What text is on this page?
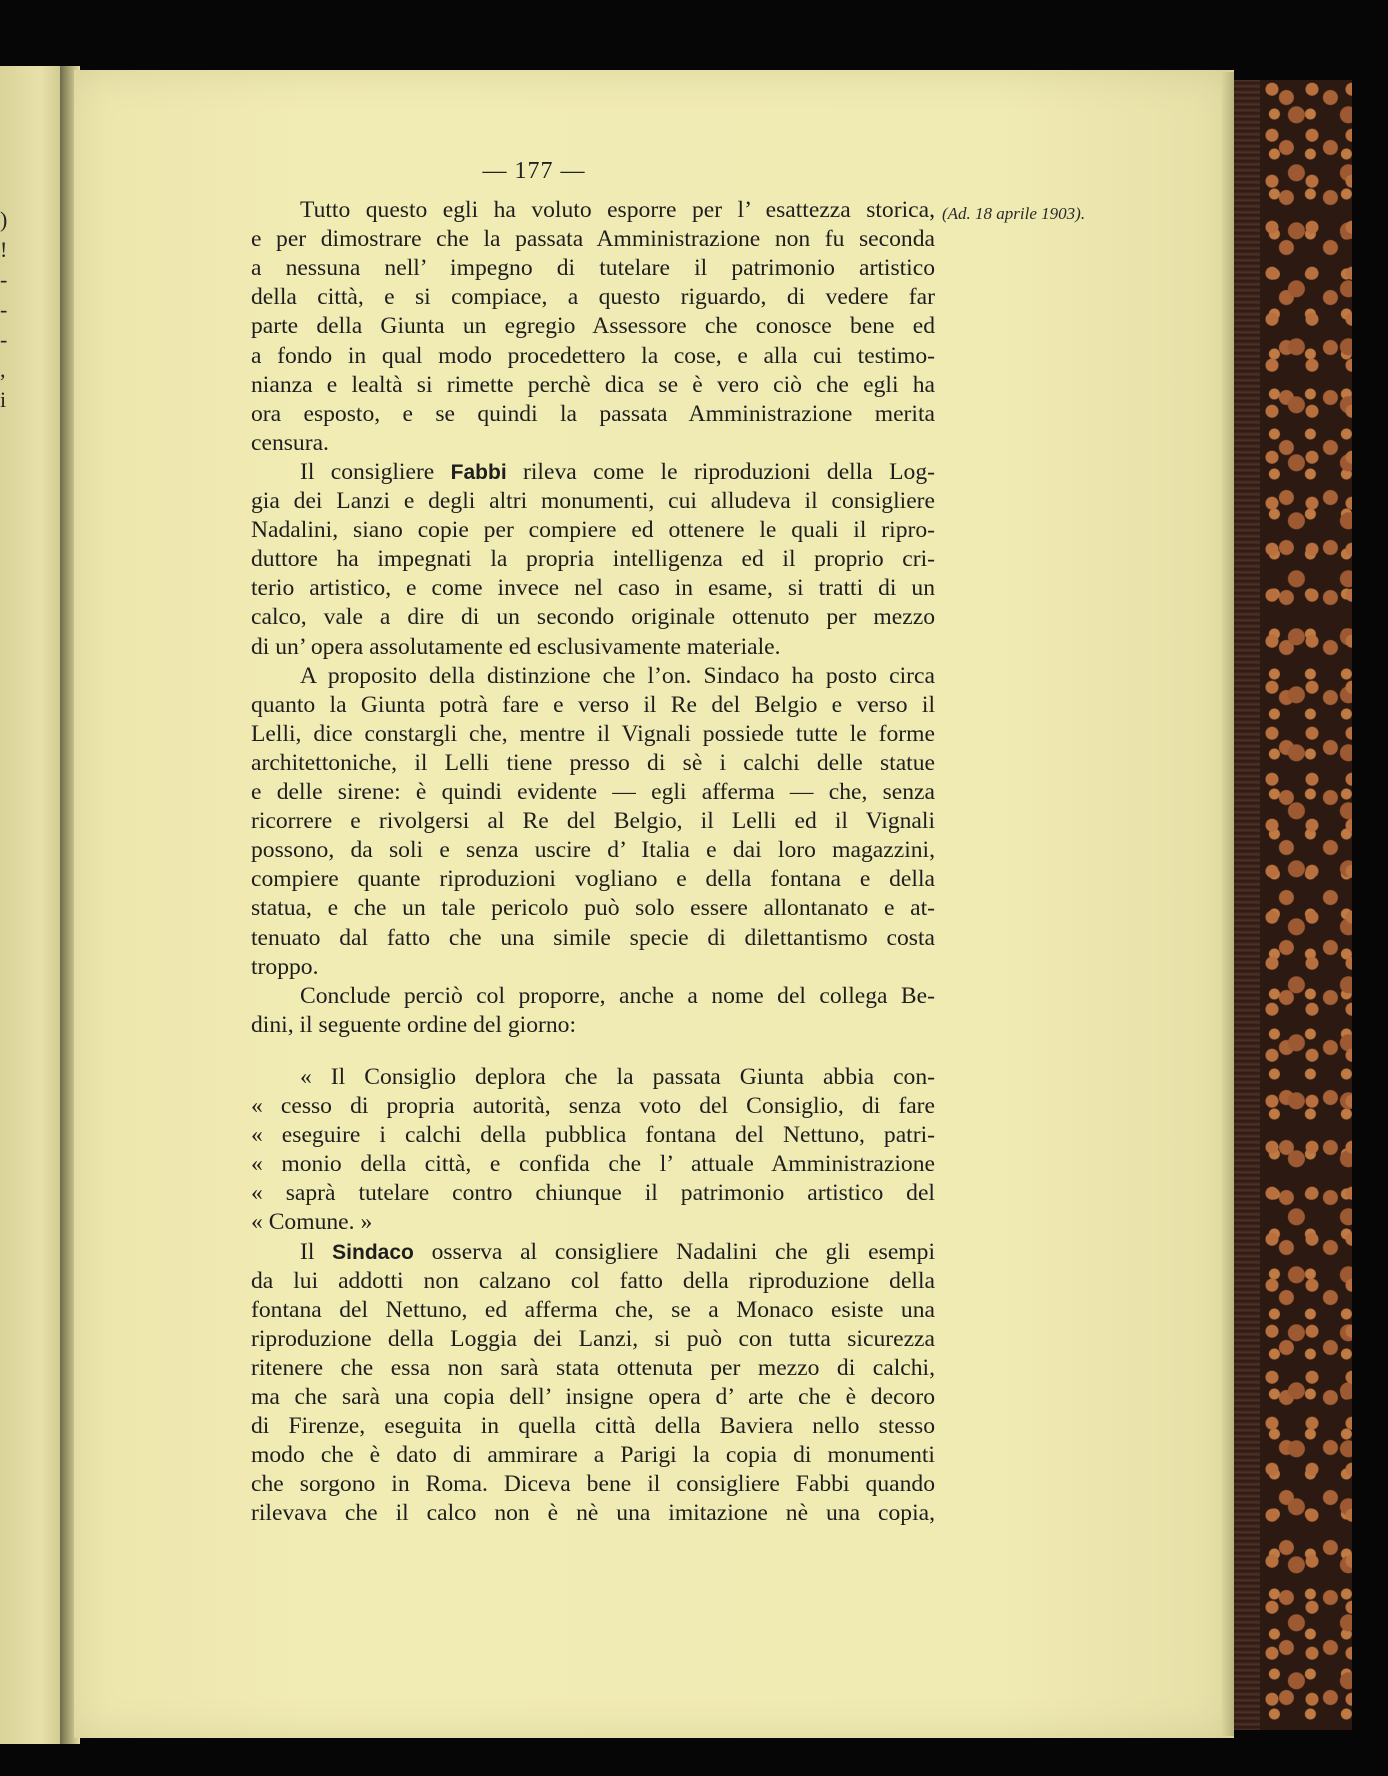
)
!
-
-
-
,
i
— 177 —
(Ad. 18 aprile 1903).
Tutto questo egli ha voluto esporre per l’ esattezza storica,
e per dimostrare che la passata Amministrazione non fu seconda
a nessuna nell’ impegno di tutelare il patrimonio artistico
della città, e si compiace, a questo riguardo, di vedere far
parte della Giunta un egregio Assessore che conosce bene ed
a fondo in qual modo procedettero la cose, e alla cui testimo-
nianza e lealtà si rimette perchè dica se è vero ciò che egli ha
ora esposto, e se quindi la passata Amministrazione merita
censura.
Il consigliere Fabbi rileva come le riproduzioni della Log-
gia dei Lanzi e degli altri monumenti, cui alludeva il consigliere
Nadalini, siano copie per compiere ed ottenere le quali il ripro-
duttore ha impegnati la propria intelligenza ed il proprio cri-
terio artistico, e come invece nel caso in esame, si tratti di un
calco, vale a dire di un secondo originale ottenuto per mezzo
di un’ opera assolutamente ed esclusivamente materiale.
A proposito della distinzione che l’on. Sindaco ha posto circa
quanto la Giunta potrà fare e verso il Re del Belgio e verso il
Lelli, dice constargli che, mentre il Vignali possiede tutte le forme
architettoniche, il Lelli tiene presso di sè i calchi delle statue
e delle sirene: è quindi evidente — egli afferma — che, senza
ricorrere e rivolgersi al Re del Belgio, il Lelli ed il Vignali
possono, da soli e senza uscire d’ Italia e dai loro magazzini,
compiere quante riproduzioni vogliano e della fontana e della
statua, e che un tale pericolo può solo essere allontanato e at-
tenuato dal fatto che una simile specie di dilettantismo costa
troppo.
Conclude perciò col proporre, anche a nome del collega Be-
dini, il seguente ordine del giorno:
« Il Consiglio deplora che la passata Giunta abbia con-
« cesso di propria autorità, senza voto del Consiglio, di fare
« eseguire i calchi della pubblica fontana del Nettuno, patri-
« monio della città, e confida che l’ attuale Amministrazione
« saprà tutelare contro chiunque il patrimonio artistico del
« Comune. »
Il Sindaco osserva al consigliere Nadalini che gli esempi
da lui addotti non calzano col fatto della riproduzione della
fontana del Nettuno, ed afferma che, se a Monaco esiste una
riproduzione della Loggia dei Lanzi, si può con tutta sicurezza
ritenere che essa non sarà stata ottenuta per mezzo di calchi,
ma che sarà una copia dell’ insigne opera d’ arte che è decoro
di Firenze, eseguita in quella città della Baviera nello stesso
modo che è dato di ammirare a Parigi la copia di monumenti
che sorgono in Roma. Diceva bene il consigliere Fabbi quando
rilevava che il calco non è nè una imitazione nè una copia,
